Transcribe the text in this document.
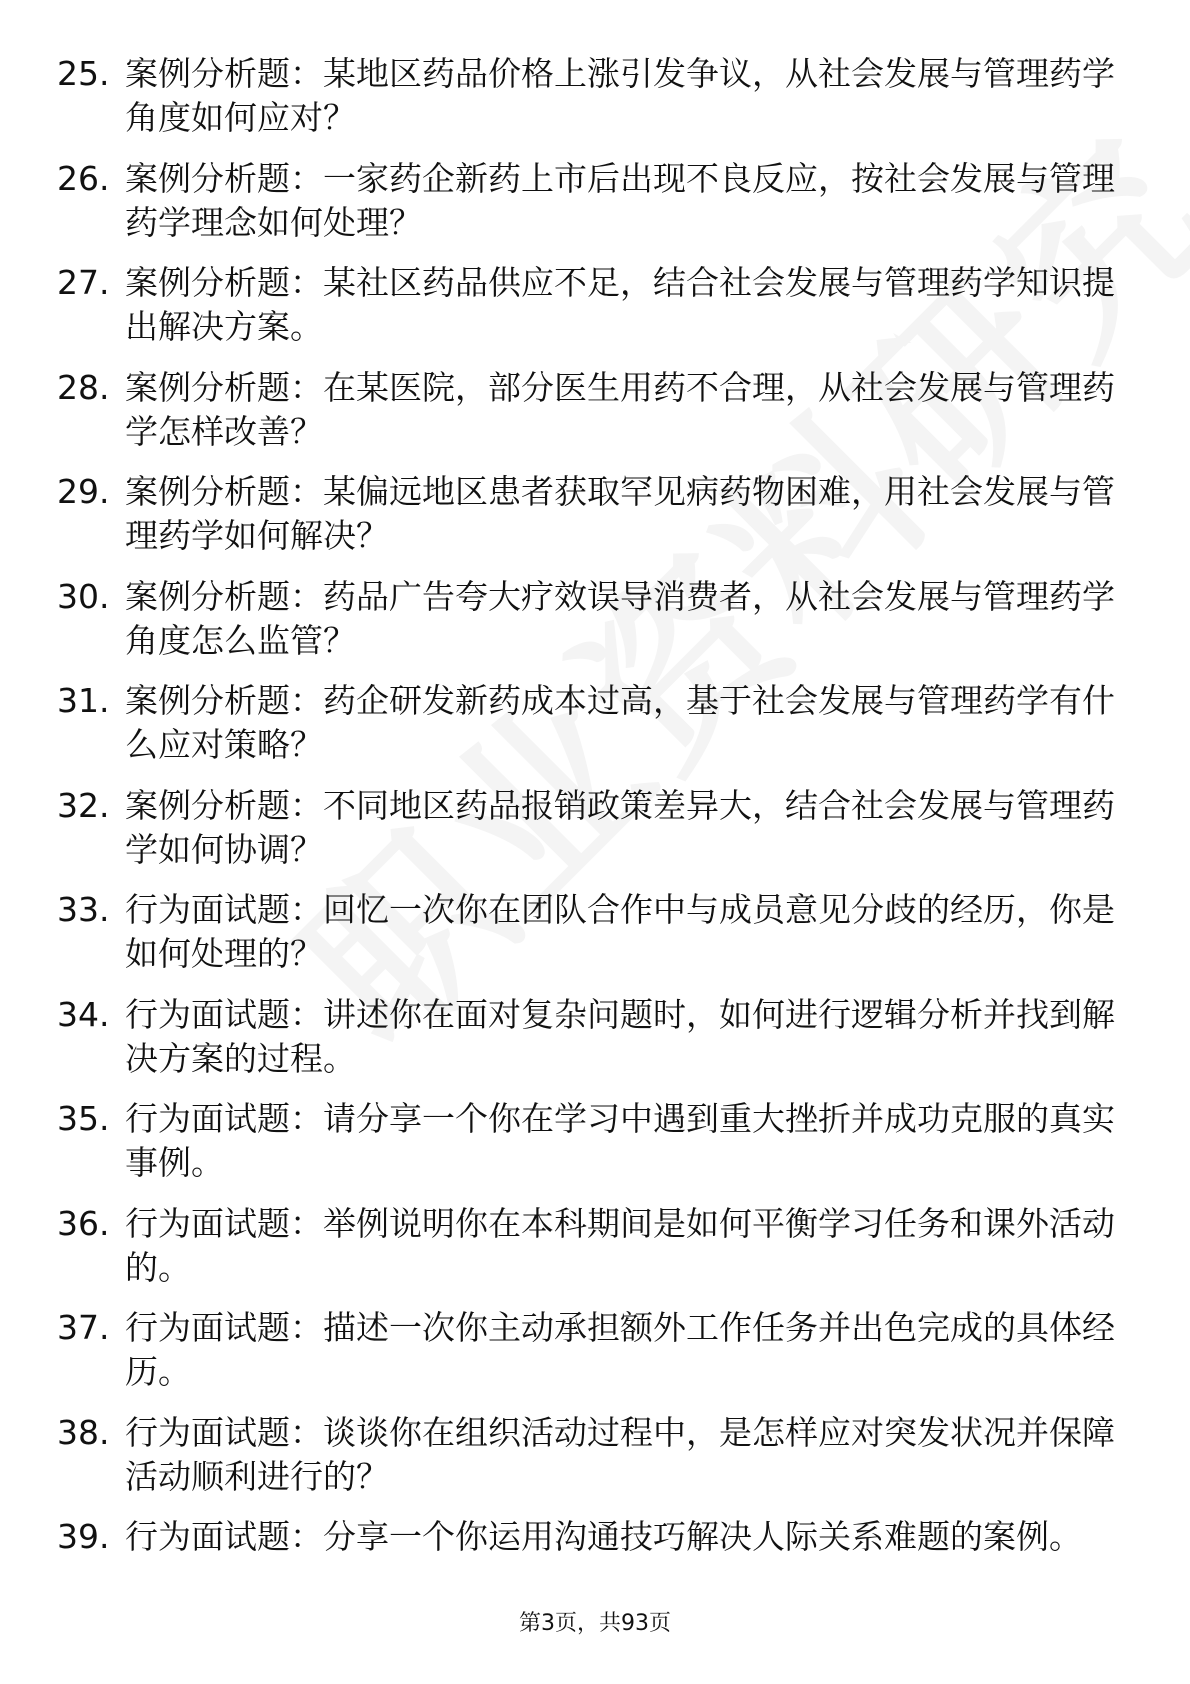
25. 案例分析题：某地区药品价格上涨引发争议，从社会发展与管理药学角度如何应对？
26. 案例分析题：一家药企新药上市后出现不良反应，按社会发展与管理药学理念如何处理？
27. 案例分析题：某社区药品供应不足，结合社会发展与管理药学知识提出解决方案。
28. 案例分析题：在某医院，部分医生用药不合理，从社会发展与管理药学怎样改善？
29. 案例分析题：某偏远地区患者获取罕见病药物困难，用社会发展与管理药学如何解决？
30. 案例分析题：药品广告夸大疗效误导消费者，从社会发展与管理药学角度怎么监管？
31. 案例分析题：药企研发新药成本过高，基于社会发展与管理药学有什么应对策略？
32. 案例分析题：不同地区药品报销政策差异大，结合社会发展与管理药学如何协调？
33. 行为面试题：回忆一次你在团队合作中与成员意见分歧的经历，你是如何处理的？
34. 行为面试题：讲述你在面对复杂问题时，如何进行逻辑分析并找到解决方案的过程。
35. 行为面试题：请分享一个你在学习中遇到重大挫折并成功克服的真实事例。
36. 行为面试题：举例说明你在本科期间是如何平衡学习任务和课外活动的。
37. 行为面试题：描述一次你主动承担额外工作任务并出色完成的具体经历。
38. 行为面试题：谈谈你在组织活动过程中，是怎样应对突发状况并保障活动顺利进行的？
39. 行为面试题：分享一个你运用沟通技巧解决人际关系难题的案例。
第3页，共93页
